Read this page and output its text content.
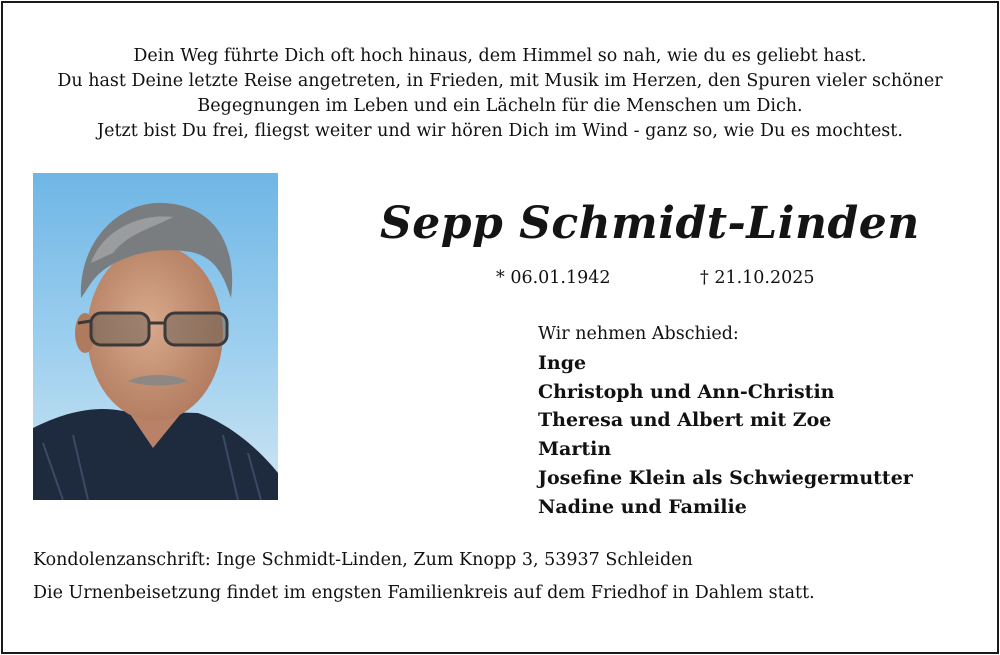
Dein Weg führte Dich oft hoch hinaus, dem Himmel so nah, wie du es geliebt hast.
Du hast Deine letzte Reise angetreten, in Frieden, mit Musik im Herzen, den Spuren vieler schöner
Begegnungen im Leben und ein Lächeln für die Menschen um Dich.
Jetzt bist Du frei, fliegst weiter und wir hören Dich im Wind - ganz so, wie Du es mochtest.
Sepp Schmidt-Linden
* 06.01.1942	† 21.10.2025
Wir nehmen Abschied:
Inge
Christoph und Ann-Christin
Theresa und Albert mit Zoe
Martin
Josefine Klein als Schwiegermutter
Nadine und Familie
Kondolenzanschrift: Inge Schmidt-Linden, Zum Knopp 3, 53937 Schleiden
Die Urnenbeisetzung findet im engsten Familienkreis auf dem Friedhof in Dahlem statt.
